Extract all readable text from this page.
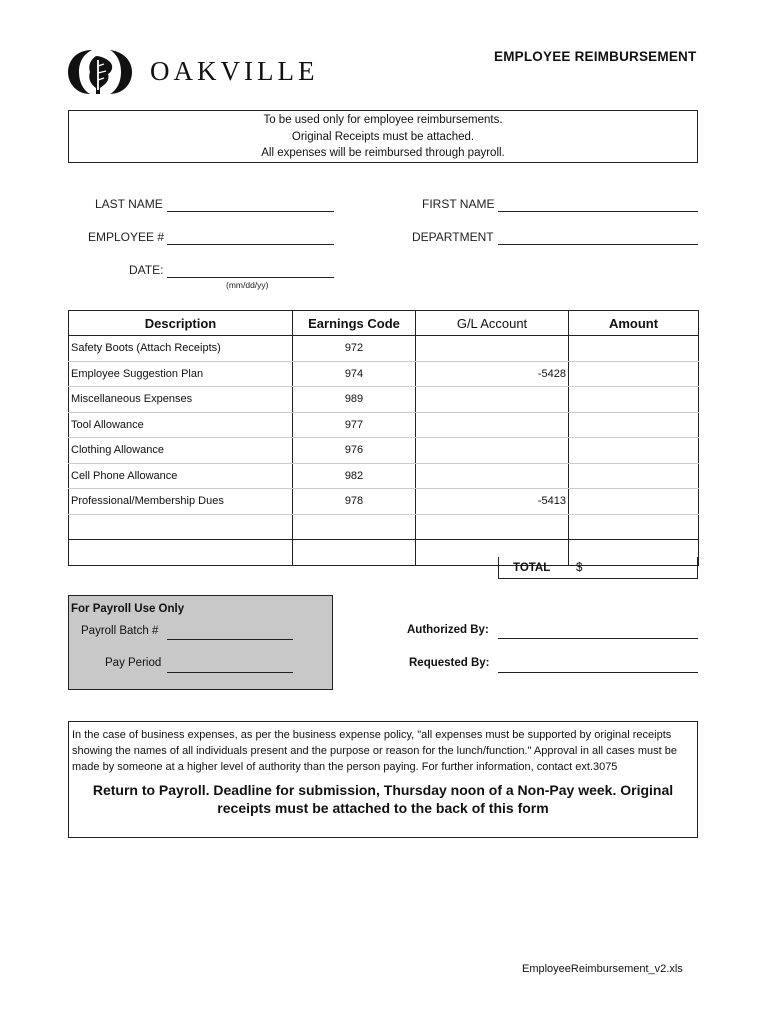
OAKVILLE	EMPLOYEE REIMBURSEMENT
To be used only for employee reimbursements.
Original Receipts must be attached.
All expenses will be reimbursed through payroll.
LAST NAME	FIRST NAME
EMPLOYEE #	DEPARTMENT
DATE:
(mm/dd/yy)
Description	Earnings Code	G/L Account	Amount
Safety Boots (Attach Receipts)	972		
Employee Suggestion Plan	974	-5428	
Miscellaneous Expenses	989		
Tool Allowance	977		
Clothing Allowance	976		
Cell Phone Allowance	982		
Professional/Membership Dues	978	-5413	

TOTAL $
For Payroll Use Only
Payroll Batch #
Pay Period
Authorized By:
Requested By:
In the case of business expenses, as per the business expense policy, "all expenses must be supported by original receipts showing the names of all individuals present and the purpose or reason for the lunch/function." Approval in all cases must be made by someone at a higher level of authority than the person paying. For further information, contact ext.3075
Return to Payroll. Deadline for submission, Thursday noon of a Non-Pay week. Original receipts must be attached to the back of this form
EmployeeReimbursement_v2.xls
